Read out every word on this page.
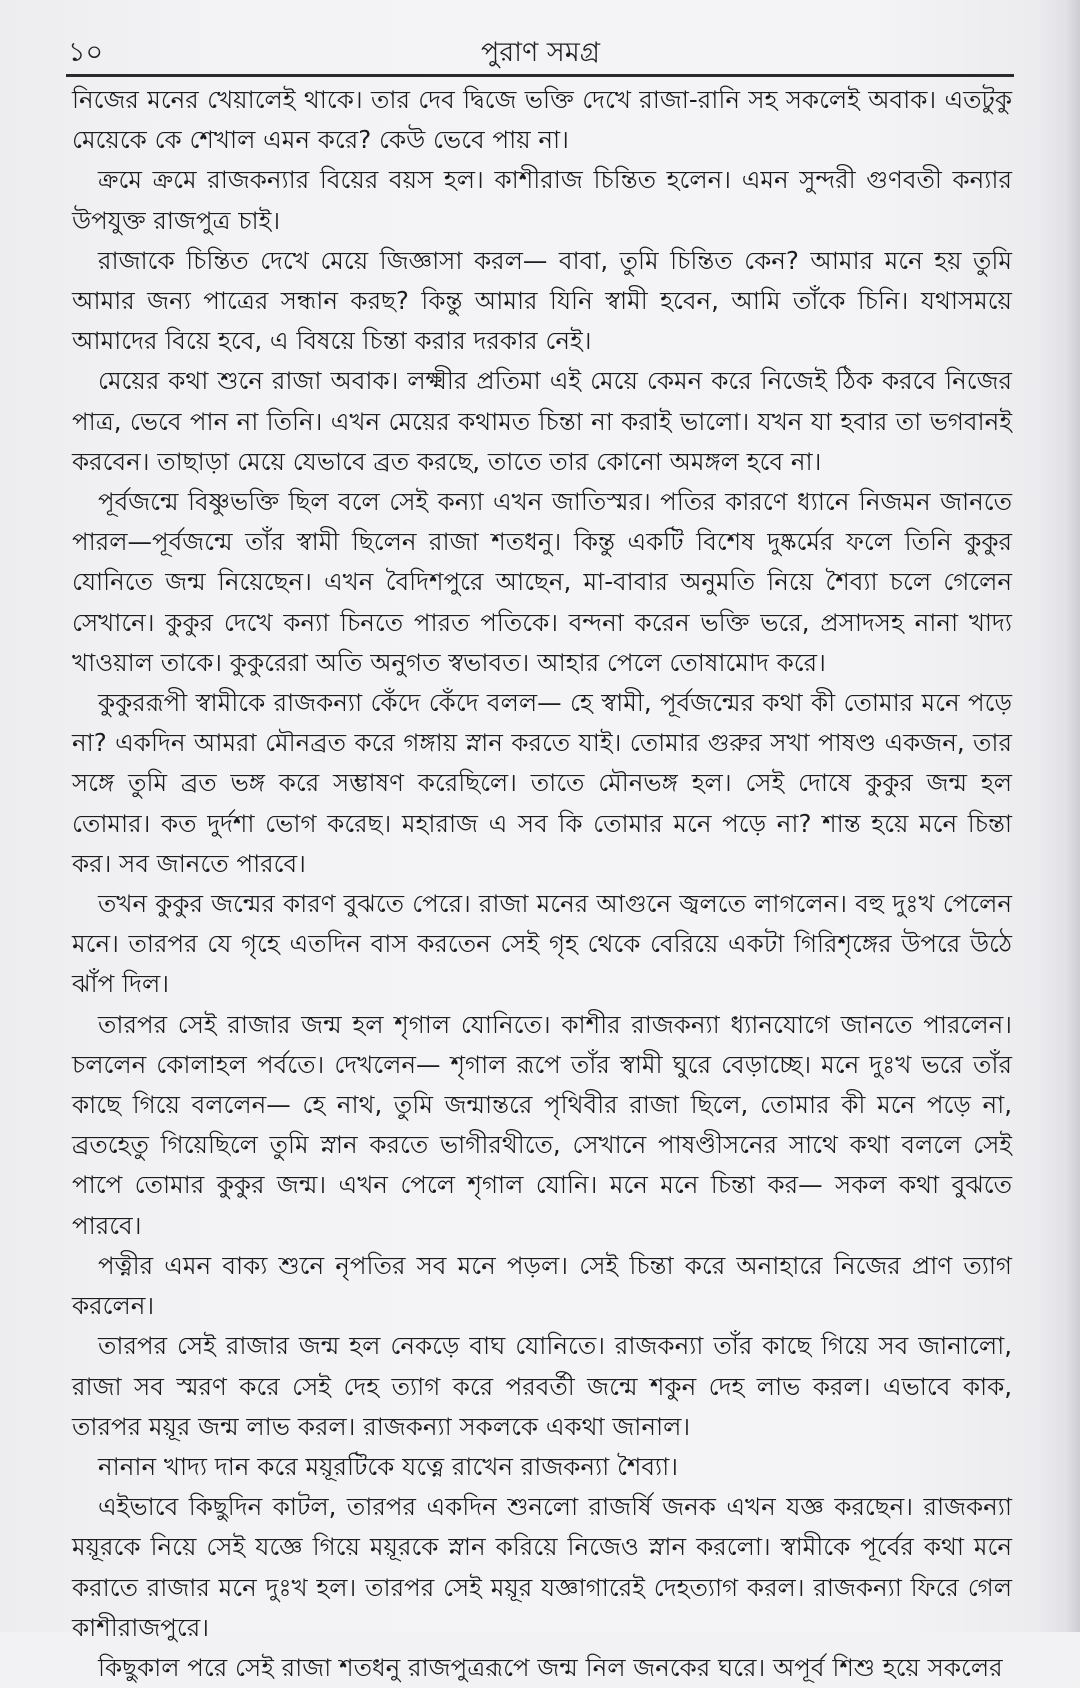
১০	পুরাণ সমগ্র

নিজের মনের খেয়ালেই থাকে। তার দেব দ্বিজে ভক্তি দেখে রাজা-রানি সহ সকলেই অবাক। এতটুকু মেয়েকে কে শেখাল এমন করে? কেউ ভেবে পায় না।

ক্রমে ক্রমে রাজকন্যার বিয়ের বয়স হল। কাশীরাজ চিন্তিত হলেন। এমন সুন্দরী গুণবতী কন্যার উপযুক্ত রাজপুত্র চাই।

রাজাকে চিন্তিত দেখে মেয়ে জিজ্ঞাসা করল— বাবা, তুমি চিন্তিত কেন? আমার মনে হয় তুমি আমার জন্য পাত্রের সন্ধান করছ? কিন্তু আমার যিনি স্বামী হবেন, আমি তাঁকে চিনি। যথাসময়ে আমাদের বিয়ে হবে, এ বিষয়ে চিন্তা করার দরকার নেই।

মেয়ের কথা শুনে রাজা অবাক। লক্ষ্মীর প্রতিমা এই মেয়ে কেমন করে নিজেই ঠিক করবে নিজের পাত্র, ভেবে পান না তিনি। এখন মেয়ের কথামত চিন্তা না করাই ভালো। যখন যা হবার তা ভগবানই করবেন। তাছাড়া মেয়ে যেভাবে ব্রত করছে, তাতে তার কোনো অমঙ্গল হবে না।

পূর্বজন্মে বিষ্ণুভক্তি ছিল বলে সেই কন্যা এখন জাতিস্মর। পতির কারণে ধ্যানে নিজমন জানতে পারল—পূর্বজন্মে তাঁর স্বামী ছিলেন রাজা শতধনু। কিন্তু একটি বিশেষ দুষ্কর্মের ফলে তিনি কুকুর যোনিতে জন্ম নিয়েছেন। এখন বৈদিশপুরে আছেন, মা-বাবার অনুমতি নিয়ে শৈব্যা চলে গেলেন সেখানে। কুকুর দেখে কন্যা চিনতে পারত পতিকে। বন্দনা করেন ভক্তি ভরে, প্রসাদসহ নানা খাদ্য খাওয়াল তাকে। কুকুরেরা অতি অনুগত স্বভাবত। আহার পেলে তোষামোদ করে।

কুকুররূপী স্বামীকে রাজকন্যা কেঁদে কেঁদে বলল— হে স্বামী, পূর্বজন্মের কথা কী তোমার মনে পড়ে না? একদিন আমরা মৌনব্রত করে গঙ্গায় স্নান করতে যাই। তোমার গুরুর সখা পাষণ্ড একজন, তার সঙ্গে তুমি ব্রত ভঙ্গ করে সম্ভাষণ করেছিলে। তাতে মৌনভঙ্গ হল। সেই দোষে কুকুর জন্ম হল তোমার। কত দুর্দশা ভোগ করেছ। মহারাজ এ সব কি তোমার মনে পড়ে না? শান্ত হয়ে মনে চিন্তা কর। সব জানতে পারবে।

তখন কুকুর জন্মের কারণ বুঝতে পেরে। রাজা মনের আগুনে জ্বলতে লাগলেন। বহু দুঃখ পেলেন মনে। তারপর যে গৃহে এতদিন বাস করতেন সেই গৃহ থেকে বেরিয়ে একটা গিরিশৃঙ্গের উপরে উঠে ঝাঁপ দিল।

তারপর সেই রাজার জন্ম হল শৃগাল যোনিতে। কাশীর রাজকন্যা ধ্যানযোগে জানতে পারলেন। চললেন কোলাহল পর্বতে। দেখলেন— শৃগাল রূপে তাঁর স্বামী ঘুরে বেড়াচ্ছে। মনে দুঃখ ভরে তাঁর কাছে গিয়ে বললেন— হে নাথ, তুমি জন্মান্তরে পৃথিবীর রাজা ছিলে, তোমার কী মনে পড়ে না, ব্রতহেতু গিয়েছিলে তুমি স্নান করতে ভাগীরথীতে, সেখানে পাষণ্ডীসনের সাথে কথা বললে সেই পাপে তোমার কুকুর জন্ম। এখন পেলে শৃগাল যোনি। মনে মনে চিন্তা কর— সকল কথা বুঝতে পারবে।

পত্নীর এমন বাক্য শুনে নৃপতির সব মনে পড়ল। সেই চিন্তা করে অনাহারে নিজের প্রাণ ত্যাগ করলেন।

তারপর সেই রাজার জন্ম হল নেকড়ে বাঘ যোনিতে। রাজকন্যা তাঁর কাছে গিয়ে সব জানালো, রাজা সব স্মরণ করে সেই দেহ ত্যাগ করে পরবর্তী জন্মে শকুন দেহ লাভ করল। এভাবে কাক, তারপর ময়ূর জন্ম লাভ করল। রাজকন্যা সকলকে একথা জানাল।

নানান খাদ্য দান করে ময়ূরটিকে যত্নে রাখেন রাজকন্যা শৈব্যা।

এইভাবে কিছুদিন কাটল, তারপর একদিন শুনলো রাজর্ষি জনক এখন যজ্ঞ করছেন। রাজকন্যা ময়ূরকে নিয়ে সেই যজ্ঞে গিয়ে ময়ূরকে স্নান করিয়ে নিজেও স্নান করলো। স্বামীকে পূর্বের কথা মনে করাতে রাজার মনে দুঃখ হল। তারপর সেই ময়ূর যজ্ঞাগারেই দেহত্যাগ করল। রাজকন্যা ফিরে গেল কাশীরাজপুরে।

কিছুকাল পরে সেই রাজা শতধনু রাজপুত্ররূপে জন্ম নিল জনকের ঘরে। অপূর্ব শিশু হয়ে সকলের
